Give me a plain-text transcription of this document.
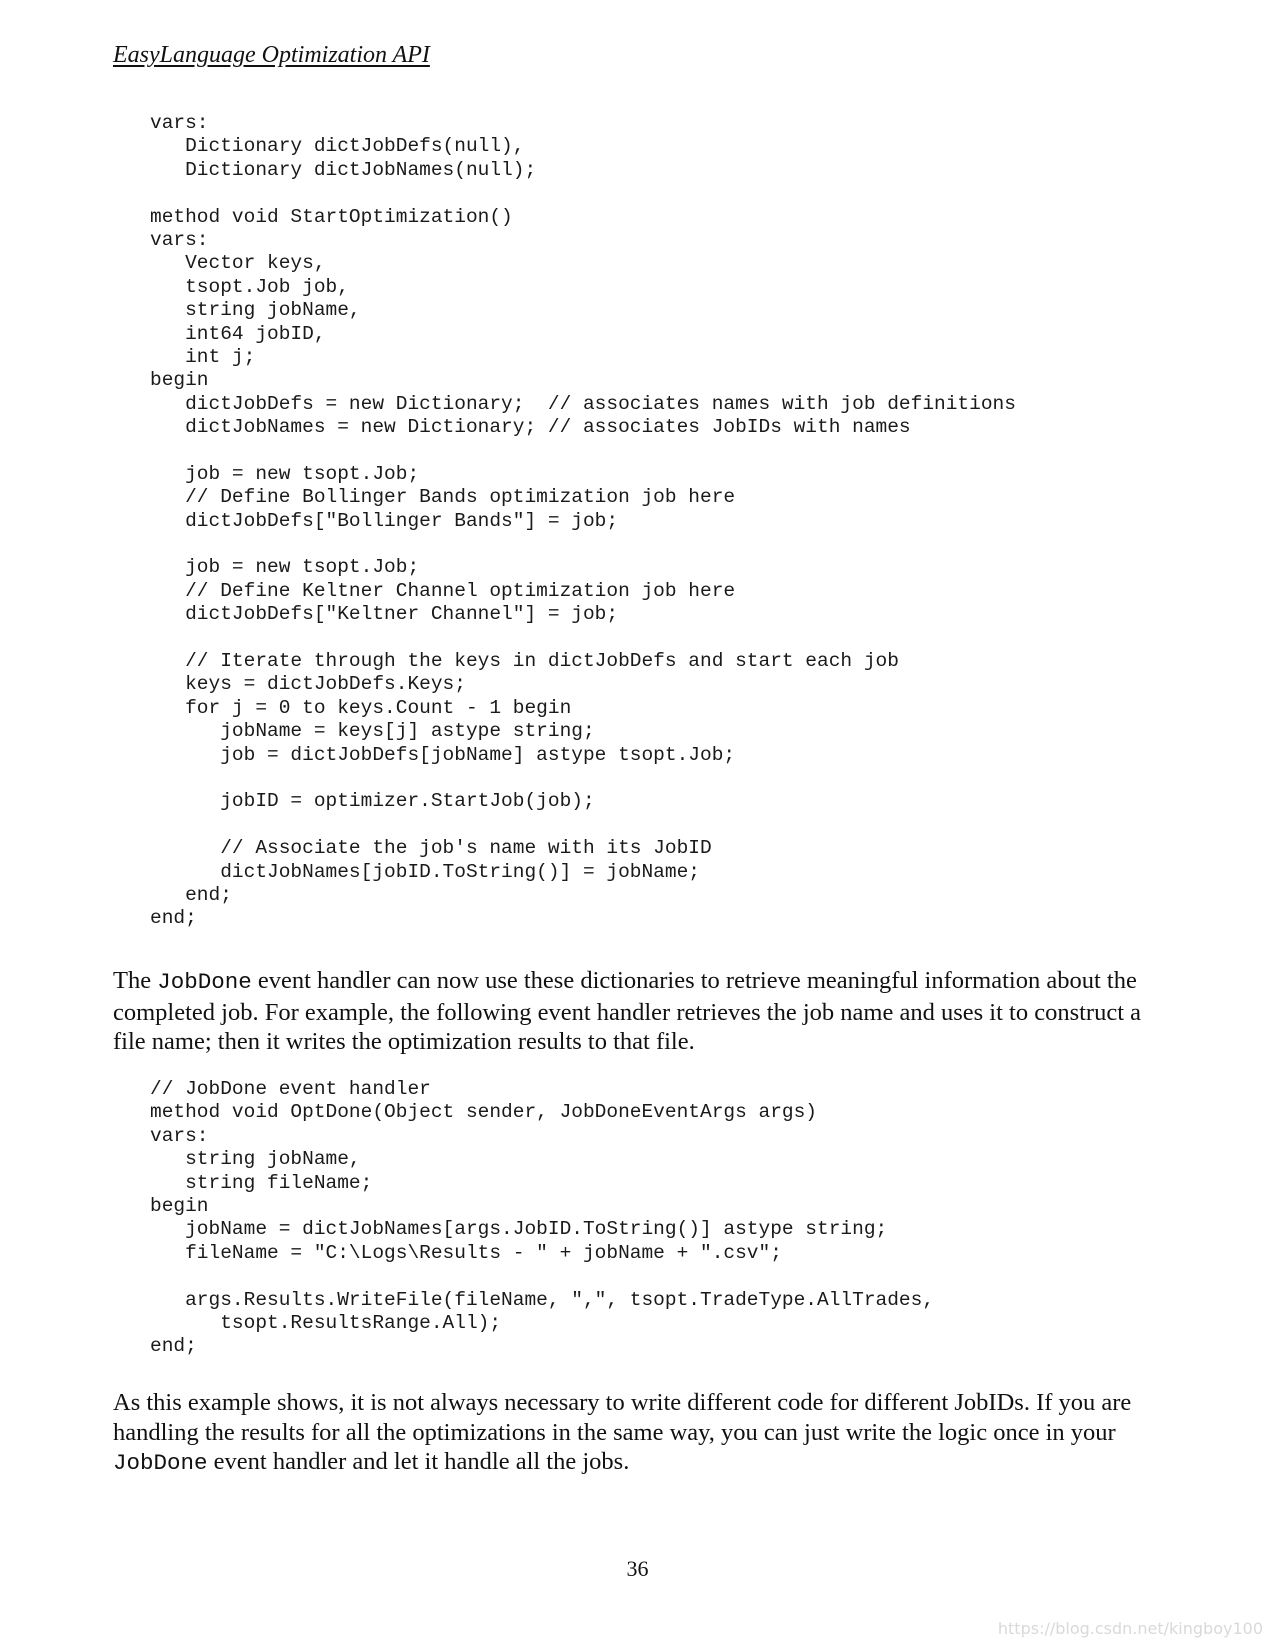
EasyLanguage Optimization API
vars:
Dictionary dictJobDefs(null),
Dictionary dictJobNames(null);
method void StartOptimization()
vars:
Vector keys,
tsopt.Job job,
string jobName,
int64 jobID,
int j;
begin
dictJobDefs = new Dictionary;  // associates names with job definitions
dictJobNames = new Dictionary; // associates JobIDs with names
job = new tsopt.Job;
// Define Bollinger Bands optimization job here
dictJobDefs["Bollinger Bands"] = job;
job = new tsopt.Job;
// Define Keltner Channel optimization job here
dictJobDefs["Keltner Channel"] = job;
// Iterate through the keys in dictJobDefs and start each job
keys = dictJobDefs.Keys;
for j = 0 to keys.Count - 1 begin
jobName = keys[j] astype string;
job = dictJobDefs[jobName] astype tsopt.Job;
jobID = optimizer.StartJob(job);
// Associate the job's name with its JobID
dictJobNames[jobID.ToString()] = jobName;
end;
end;

The JobDone event handler can now use these dictionaries to retrieve meaningful information about the completed job. For example, the following event handler retrieves the job name and uses it to construct a file name; then it writes the optimization results to that file.

// JobDone event handler
method void OptDone(Object sender, JobDoneEventArgs args)
vars:
string jobName,
string fileName;
begin
jobName = dictJobNames[args.JobID.ToString()] astype string;
fileName = "C:\Logs\Results - " + jobName + ".csv";
args.Results.WriteFile(fileName, ",", tsopt.TradeType.AllTrades,
tsopt.ResultsRange.All);
end;

As this example shows, it is not always necessary to write different code for different JobIDs. If you are handling the results for all the optimizations in the same way, you can just write the logic once in your JobDone event handler and let it handle all the jobs.

36
https://blog.csdn.net/kingboy100
